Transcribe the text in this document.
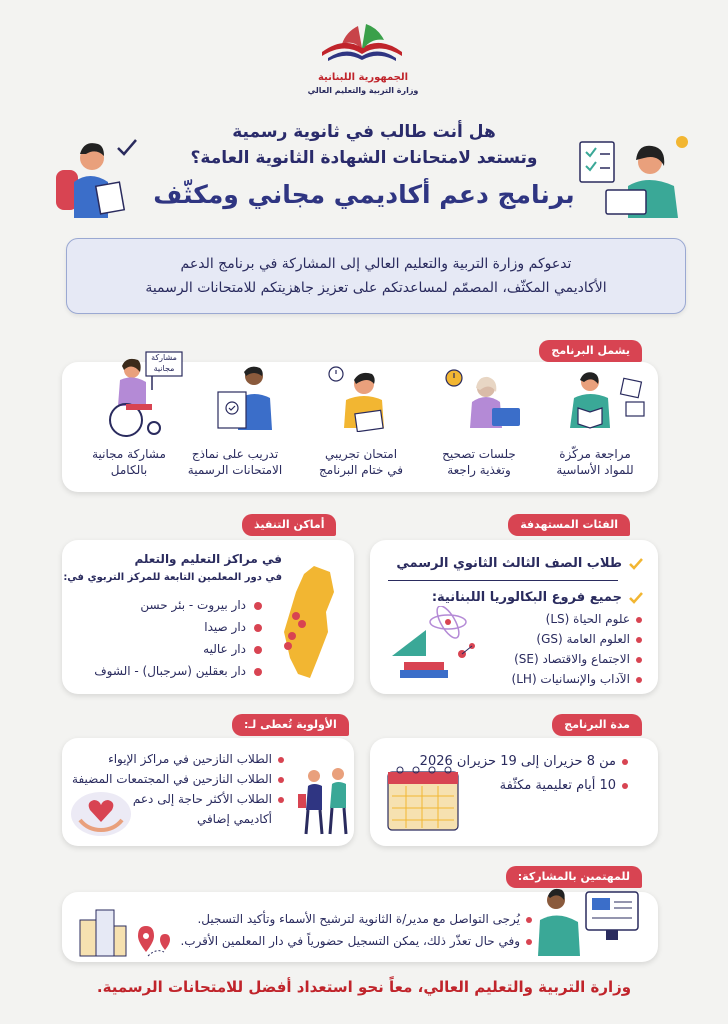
الجمهورية اللبنانية
وزارة التربية والتعليم العالي
هل أنت طالب في ثانوية رسمية
وتستعد لامتحانات الشهادة الثانوية العامة؟
برنامج دعم أكاديمي مجاني ومكثّف
تدعوكم وزارة التربية والتعليم العالي إلى المشاركة في برنامج الدعم
الأكاديمي المكثّف، المصمّم لمساعدتكم على تعزيز جاهزيتكم للامتحانات الرسمية
يشمل البرنامج
مشاركة مجانية
مراجعة مركّزة
للمواد الأساسية
جلسات تصحيح
وتغذية راجعة
امتحان تجريبي
في ختام البرنامج
تدريب على نماذج
الامتحانات الرسمية
مشاركة مجانية
بالكامل
الفئات المستهدفة
طلاب الصف الثالث الثانوي الرسمي
جميع فروع البكالوريا اللبنانية:
علوم الحياة (LS)
العلوم العامة (GS)
الاجتماع والاقتصاد (SE)
الآداب والإنسانيات (LH)
أماكن التنفيذ
في مراكز التعليم والتعلم
في دور المعلمين التابعة للمركز التربوي في:
دار بيروت - بئر حسن
دار صيدا
دار عاليه
دار بعقلين (سرجبال) - الشوف
مدة البرنامج
من 8 حزيران إلى 19 حزيران 2026
10 أيام تعليمية مكثّفة
الأولوية تُعطى لـ:
الطلاب النازحين في مراكز الإيواء
الطلاب النازحين في المجتمعات المضيفة
الطلاب الأكثر حاجة إلى دعم
أكاديمي إضافي
للمهتمين بالمشاركة:
يُرجى التواصل مع مدير/ة الثانوية لترشيح الأسماء وتأكيد التسجيل.
وفي حال تعذّر ذلك، يمكن التسجيل حضورياً في دار المعلمين الأقرب.
وزارة التربية والتعليم العالي، معاً نحو استعداد أفضل للامتحانات الرسمية.
